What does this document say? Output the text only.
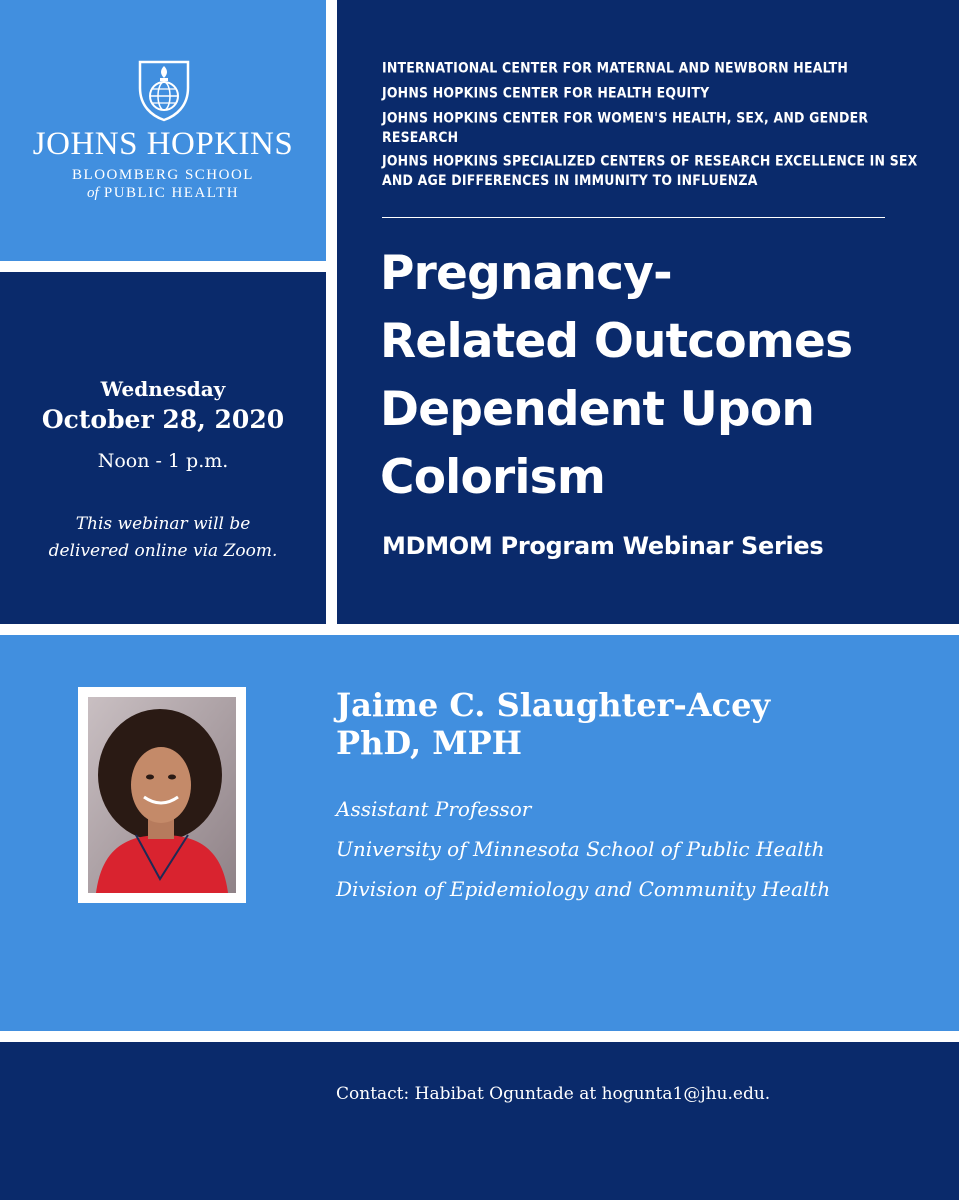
JOHNS HOPKINS
BLOOMBERG SCHOOL
of PUBLIC HEALTH
Wednesday
October 28, 2020
Noon - 1 p.m.
This webinar will be delivered online via Zoom.
INTERNATIONAL CENTER FOR MATERNAL AND NEWBORN HEALTH
JOHNS HOPKINS CENTER FOR HEALTH EQUITY
JOHNS HOPKINS CENTER FOR WOMEN'S HEALTH, SEX, AND GENDER RESEARCH
JOHNS HOPKINS SPECIALIZED CENTERS OF RESEARCH EXCELLENCE IN SEX AND AGE DIFFERENCES IN IMMUNITY TO INFLUENZA
Pregnancy-
Related Outcomes
Dependent Upon
Colorism
MDMOM Program Webinar Series
Jaime C. Slaughter-Acey
PhD, MPH
Assistant Professor
University of Minnesota School of Public Health
Division of Epidemiology and Community Health
Contact: Habibat Oguntade at hogunta1@jhu.edu.
